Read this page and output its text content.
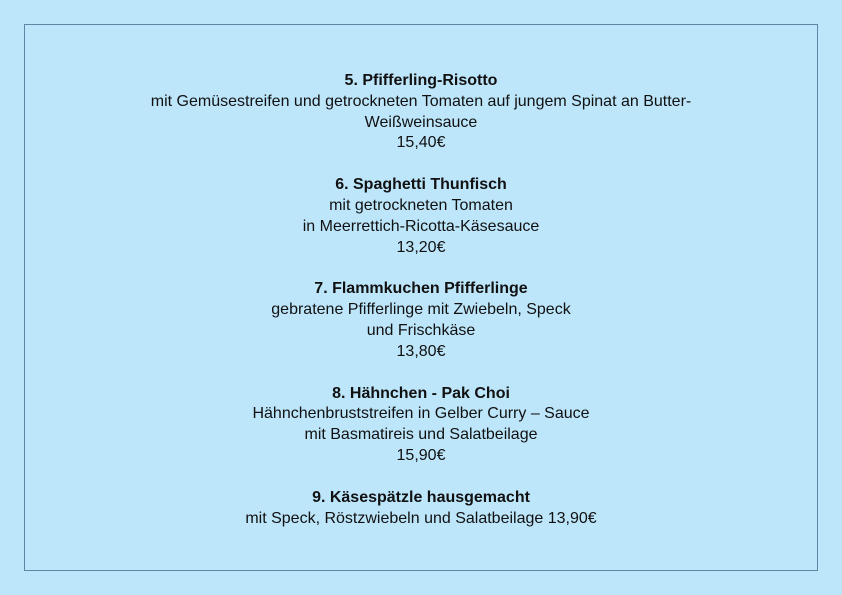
5. Pfifferling-Risotto
mit Gemüsestreifen und getrockneten Tomaten auf jungem Spinat an Butter-
Weißweinsauce
15,40€
6. Spaghetti Thunfisch
mit getrockneten Tomaten
in Meerrettich-Ricotta-Käsesauce
13,20€
7. Flammkuchen Pfifferlinge
gebratene Pfifferlinge mit Zwiebeln, Speck
und Frischkäse
13,80€
8. Hähnchen - Pak Choi
Hähnchenbruststreifen in Gelber Curry – Sauce
mit Basmatireis und Salatbeilage
15,90€
9. Käsespätzle hausgemacht
mit Speck, Röstzwiebeln und Salatbeilage 13,90€
